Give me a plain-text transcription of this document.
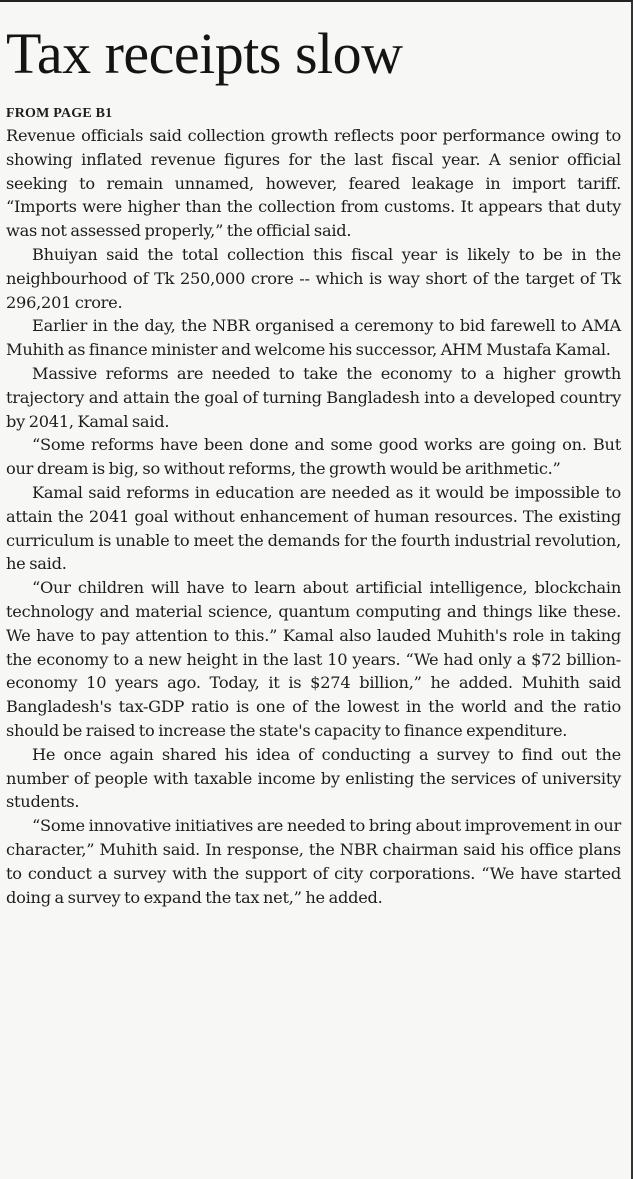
Tax receipts slow
FROM PAGE B1

Revenue officials said collection growth reflects poor performance owing to showing inflated revenue figures for the last fiscal year. A senior official seeking to remain unnamed, however, feared leakage in import tariff. “Imports were higher than the collection from customs. It appears that duty was not assessed properly,” the official said.

Bhuiyan said the total collection this fiscal year is likely to be in the neighbourhood of Tk 250,000 crore -- which is way short of the target of Tk 296,201 crore.

Earlier in the day, the NBR organised a ceremony to bid farewell to AMA Muhith as finance minister and welcome his successor, AHM Mustafa Kamal.

Massive reforms are needed to take the economy to a higher growth trajectory and attain the goal of turning Bangladesh into a developed country by 2041, Kamal said.

“Some reforms have been done and some good works are going on. But our dream is big, so without reforms, the growth would be arithmetic.”

Kamal said reforms in education are needed as it would be impossible to attain the 2041 goal without enhancement of human resources. The existing curriculum is unable to meet the demands for the fourth industrial revolution, he said.

“Our children will have to learn about artificial intelligence, blockchain technology and material science, quantum computing and things like these. We have to pay attention to this.” Kamal also lauded Muhith's role in taking the economy to a new height in the last 10 years. “We had only a $72 billion-economy 10 years ago. Today, it is $274 billion,” he added. Muhith said Bangladesh's tax-GDP ratio is one of the lowest in the world and the ratio should be raised to increase the state's capacity to finance expenditure.

He once again shared his idea of conducting a survey to find out the number of people with taxable income by enlisting the services of university students.

“Some innovative initiatives are needed to bring about improvement in our character,” Muhith said. In response, the NBR chairman said his office plans to conduct a survey with the support of city corporations. “We have started doing a survey to expand the tax net,” he added.
